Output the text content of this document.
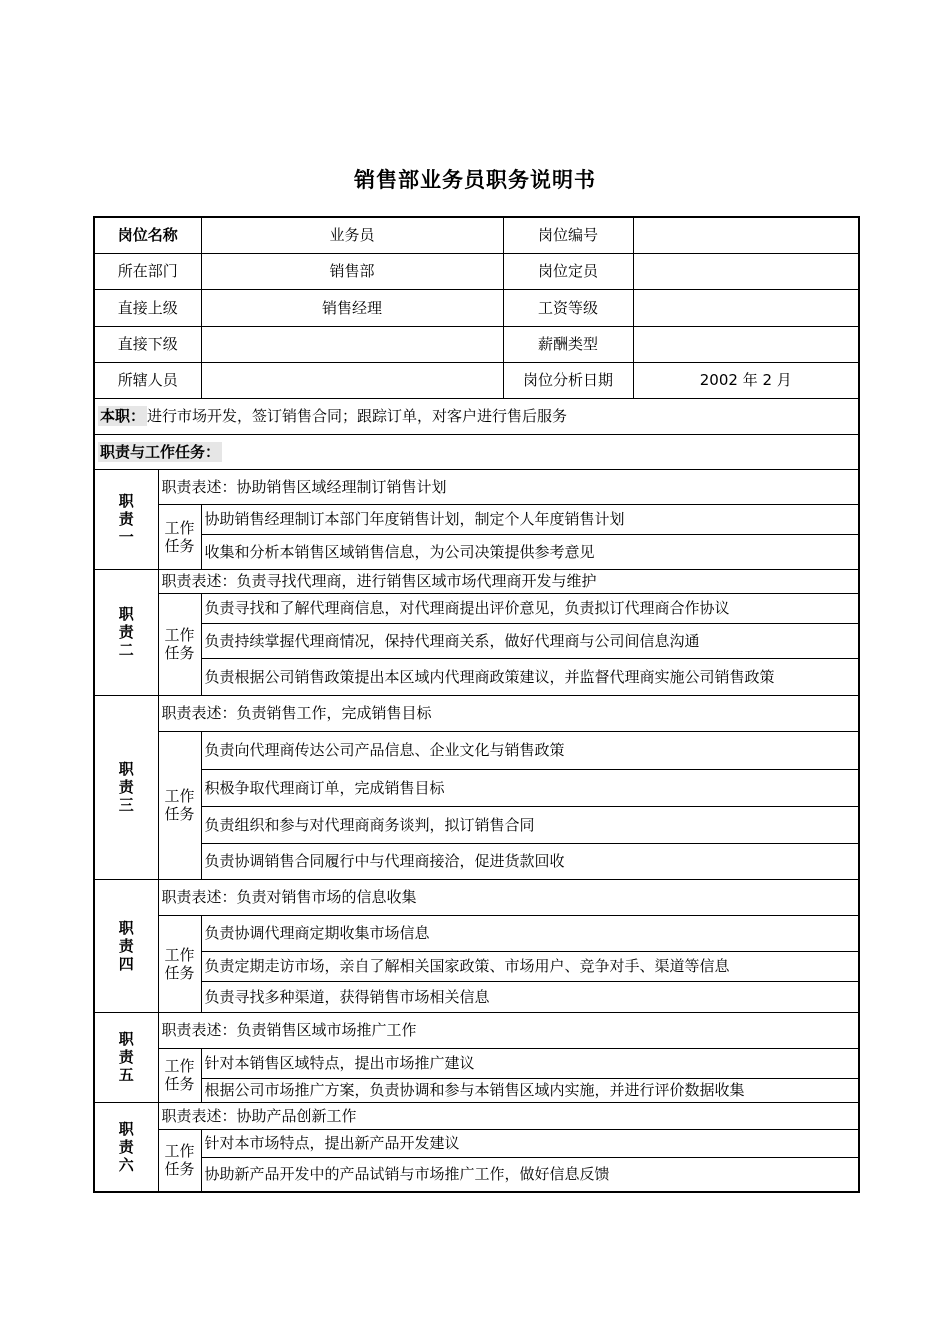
销售部业务员职务说明书
岗位名称		业务员	岗位编号	
所在部门		销售部	岗位定员	
直接上级		销售经理	工资等级	
直接下级			薪酬类型	
所辖人员			岗位分析日期	2002 年 2 月
本职： 进行市场开发，签订销售合同；跟踪订单，对客户进行售后服务				
职责与工作任务：				

职
责
一	职责表述：协助销售区域经理制订销售计划			

	工作
任务	协助销售经理制订本部门年度销售计划，制定个人年度销售计划		
		收集和分析本销售区域销售信息，为公司决策提供参考意见		

职
责
二	职责表述：负责寻找代理商，进行销售区域市场代理商开发与维护			

	工作
任务	负责寻找和了解代理商信息，对代理商提出评价意见，负责拟订代理商合作协议		
		负责持续掌握代理商情况，保持代理商关系，做好代理商与公司间信息沟通		
		负责根据公司销售政策提出本区域内代理商政策建议，并监督代理商实施公司销售政策		

职
责
三	职责表述：负责销售工作，完成销售目标			

	工作
任务	负责向代理商传达公司产品信息、企业文化与销售政策		
		积极争取代理商订单，完成销售目标		
		负责组织和参与对代理商商务谈判，拟订销售合同		
		负责协调销售合同履行中与代理商接洽，促进货款回收		

职
责
四	职责表述：负责对销售市场的信息收集			

	工作
任务	负责协调代理商定期收集市场信息		
		负责定期走访市场，亲自了解相关国家政策、市场用户、竞争对手、渠道等信息		
		负责寻找多种渠道，获得销售市场相关信息		

职
责
五	职责表述：负责销售区域市场推广工作			

	工作
任务	针对本销售区域特点，提出市场推广建议		
		根据公司市场推广方案，负责协调和参与本销售区域内实施，并进行评价数据收集		

职
责
六	职责表述：协助产品创新工作			

	工作
任务	针对本市场特点，提出新产品开发建议		
		协助新产品开发中的产品试销与市场推广工作，做好信息反馈		
